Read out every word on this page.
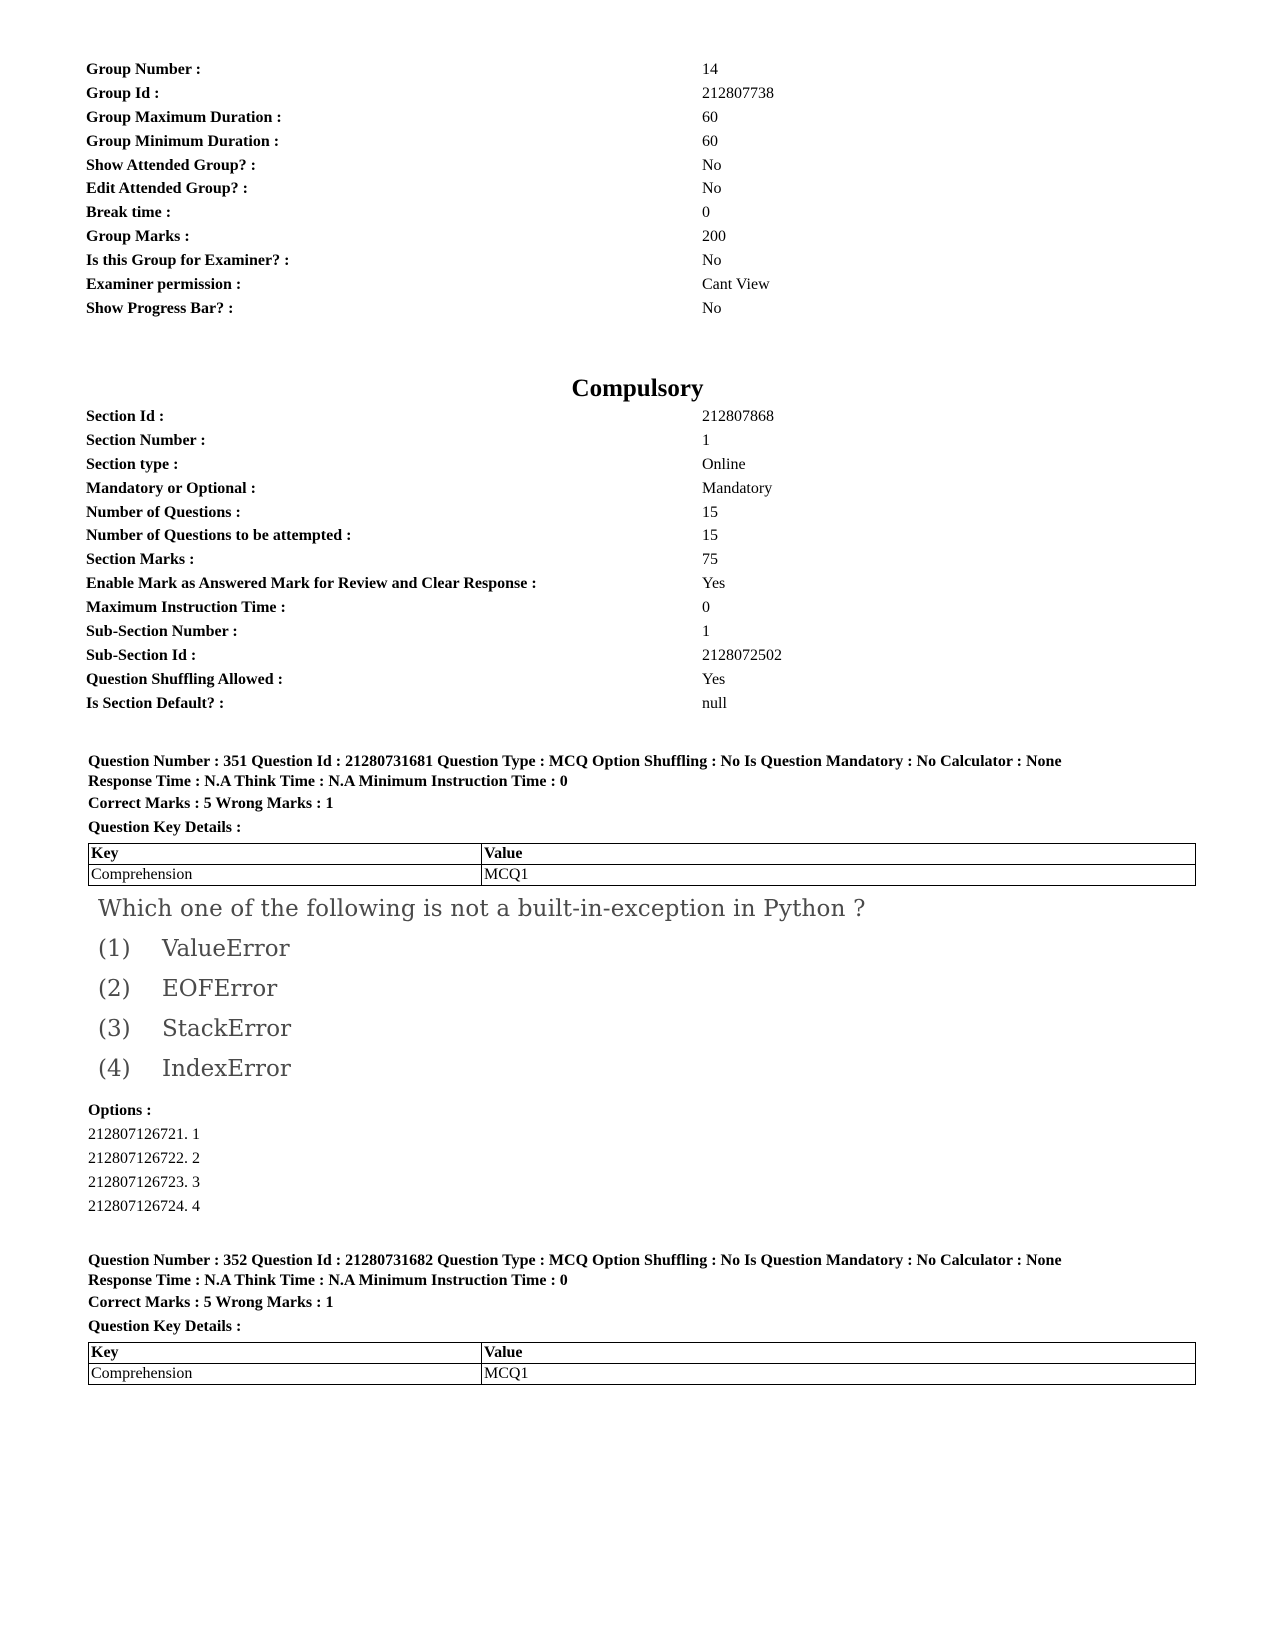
Group Number :	14
Group Id :	212807738
Group Maximum Duration :	60
Group Minimum Duration :	60
Show Attended Group? :	No
Edit Attended Group? :	No
Break time :	0
Group Marks :	200
Is this Group for Examiner? :	No
Examiner permission :	Cant View
Show Progress Bar? :	No
Compulsory
Section Id :	212807868
Section Number :	1
Section type :	Online
Mandatory or Optional :	Mandatory
Number of Questions :	15
Number of Questions to be attempted :	15
Section Marks :	75
Enable Mark as Answered Mark for Review and Clear Response :	Yes
Maximum Instruction Time :	0
Sub-Section Number :	1
Sub-Section Id :	2128072502
Question Shuffling Allowed :	Yes
Is Section Default? :	null
Question Number : 351 Question Id : 21280731681 Question Type : MCQ Option Shuffling : No Is Question Mandatory : No Calculator : None
Response Time : N.A Think Time : N.A Minimum Instruction Time : 0
Correct Marks : 5 Wrong Marks : 1
Question Key Details :
Key	Value
Comprehension	MCQ1
Which one of the following is not a built-in-exception in Python ?
(1) ValueError
(2) EOFError
(3) StackError
(4) IndexError
Options :
212807126721. 1
212807126722. 2
212807126723. 3
212807126724. 4
Question Number : 352 Question Id : 21280731682 Question Type : MCQ Option Shuffling : No Is Question Mandatory : No Calculator : None
Response Time : N.A Think Time : N.A Minimum Instruction Time : 0
Correct Marks : 5 Wrong Marks : 1
Question Key Details :
Key	Value
Comprehension	MCQ1
